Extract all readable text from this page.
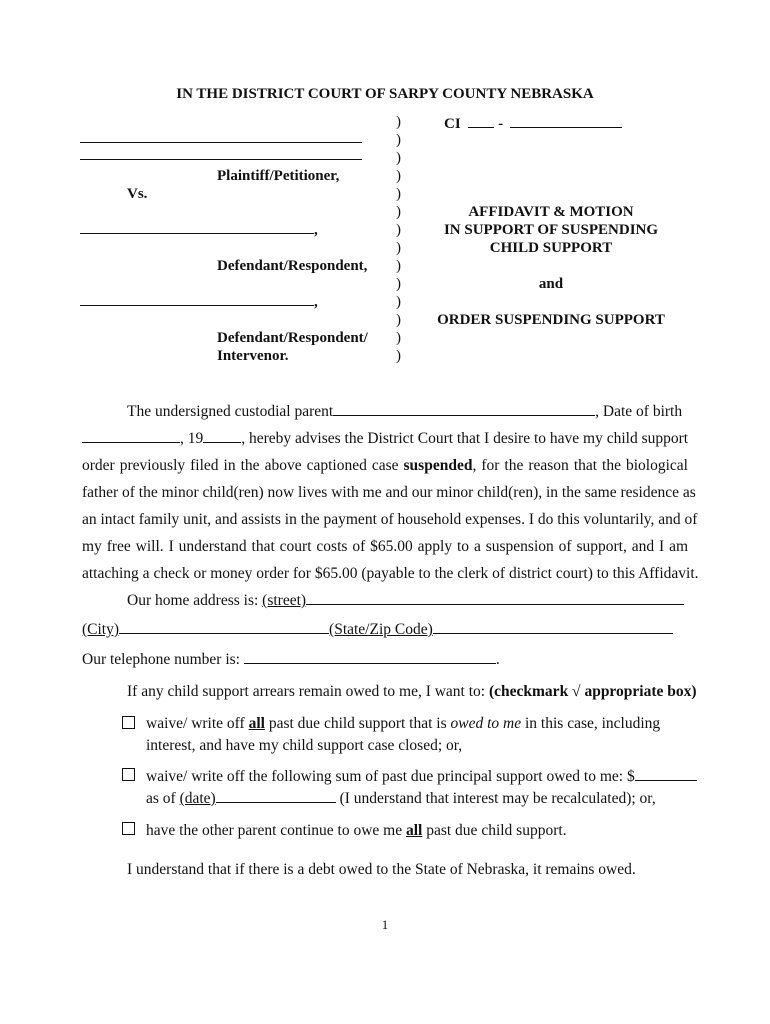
IN THE DISTRICT COURT OF SARPY COUNTY NEBRASKA
Plaintiff/Petitioner,
Vs.
,
Defendant/Respondent,
,
Defendant/Respondent/
Intervenor.
)
)
)
)
)
)
)
)
)
)
)
)
)
)
CI	-
AFFIDAVIT & MOTION
IN SUPPORT OF SUSPENDING
CHILD SUPPORT
and
ORDER SUSPENDING SUPPORT
The undersigned custodial parent	, Date of birth
, 19 , hereby advises the District Court that I desire to have my child support
order previously filed in the above captioned case suspended, for the reason that the biological
father of the minor child(ren) now lives with me and our minor child(ren), in the same residence as
an intact family unit, and assists in the payment of household expenses. I do this voluntarily, and of
my free will. I understand that court costs of $65.00 apply to a suspension of support, and I am
attaching a check or money order for $65.00 (payable to the clerk of district court) to this Affidavit.
Our home address is: (street)
(City)	(State/Zip Code)
Our telephone number is:	.
If any child support arrears remain owed to me, I want to: (checkmark √ appropriate box)
waive/ write off all past due child support that is owed to me in this case, including
interest, and have my child support case closed; or,
waive/ write off the following sum of past due principal support owed to me: $
as of (date)	(I understand that interest may be recalculated); or,
have the other parent continue to owe me all past due child support.
I understand that if there is a debt owed to the State of Nebraska, it remains owed.
1
